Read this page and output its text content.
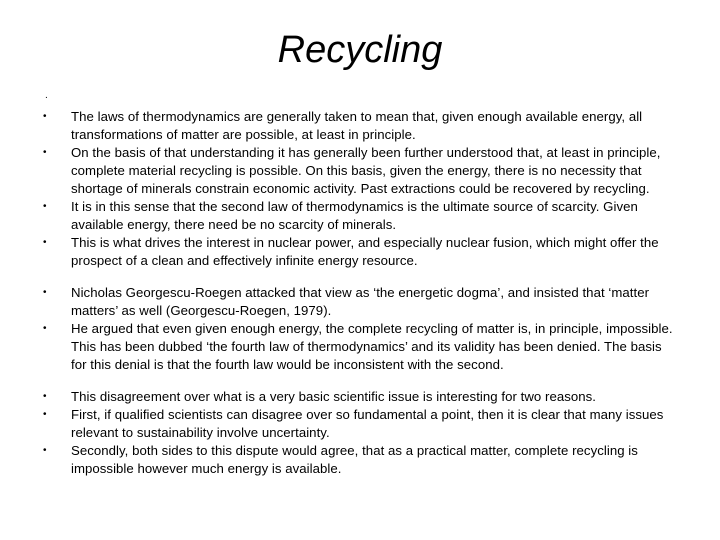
Recycling
.
• The laws of thermodynamics are generally taken to mean that, given enough available energy, all transformations of matter are possible, at least in principle.
• On the basis of that understanding it has generally been further understood that, at least in principle, complete material recycling is possible. On this basis, given the energy, there is no necessity that shortage of minerals constrain economic activity. Past extractions could be recovered by recycling.
• It is in this sense that the second law of thermodynamics is the ultimate source of scarcity. Given available energy, there need be no scarcity of minerals.
• This is what drives the interest in nuclear power, and especially nuclear fusion, which might offer the prospect of a clean and effectively infinite energy resource.
• Nicholas Georgescu-Roegen attacked that view as ‘the energetic dogma’, and insisted that ‘matter matters’ as well (Georgescu-Roegen, 1979).
• He argued that even given enough energy, the complete recycling of matter is, in principle, impossible. This has been dubbed ‘the fourth law of thermodynamics’ and its validity has been denied. The basis for this denial is that the fourth law would be inconsistent with the second.
• This disagreement over what is a very basic scientific issue is interesting for two reasons.
• First, if qualified scientists can disagree over so fundamental a point, then it is clear that many issues relevant to sustainability involve uncertainty.
• Secondly, both sides to this dispute would agree, that as a practical matter, complete recycling is impossible however much energy is available.
